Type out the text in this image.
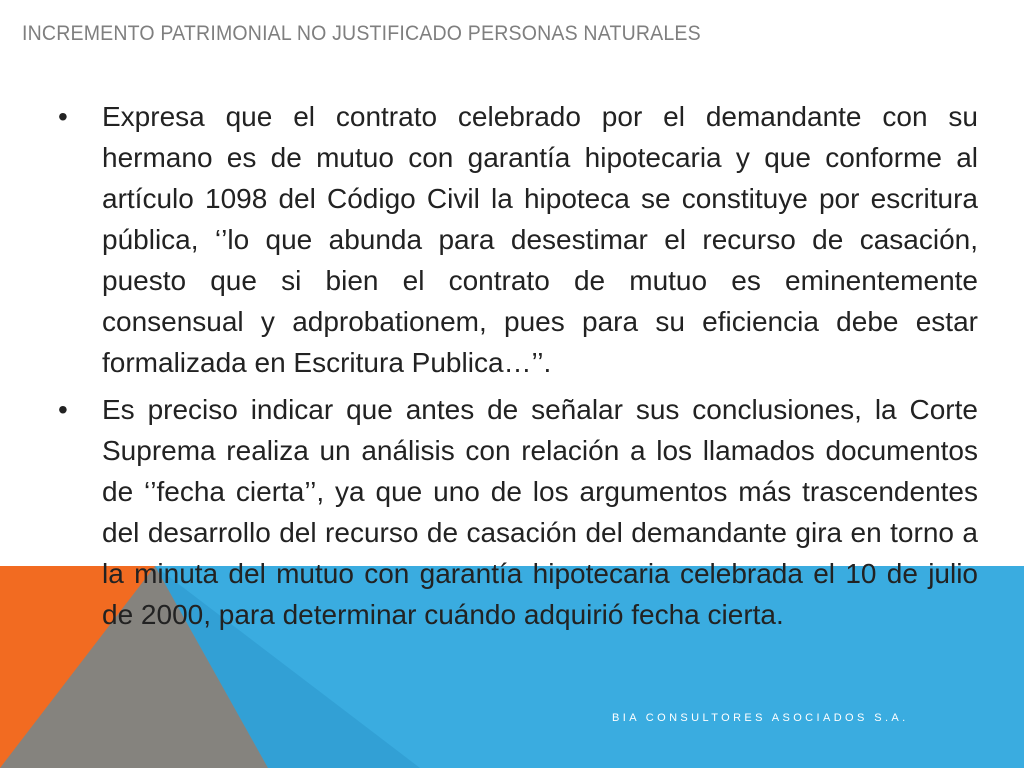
INCREMENTO PATRIMONIAL NO JUSTIFICADO PERSONAS NATURALES
•	Expresa que el contrato celebrado por el demandante con su hermano es de mutuo con garantía hipotecaria y que conforme al artículo 1098 del Código Civil la hipoteca se constituye por escritura pública, ‘’lo que abunda para desestimar el recurso de casación, puesto que si bien el contrato de mutuo es eminentemente consensual y adprobationem, pues para su eficiencia debe estar formalizada en Escritura Publica…’’.

•	Es preciso indicar que antes de señalar sus conclusiones, la Corte Suprema realiza un análisis con relación a los llamados documentos de ‘’fecha cierta’’, ya que uno de los argumentos más trascendentes del desarrollo del recurso de casación del demandante gira en torno a la minuta del mutuo con garantía hipotecaria celebrada el 10 de julio de 2000, para determinar cuándo adquirió fecha cierta.

BIA CONSULTORES ASOCIADOS S.A.
